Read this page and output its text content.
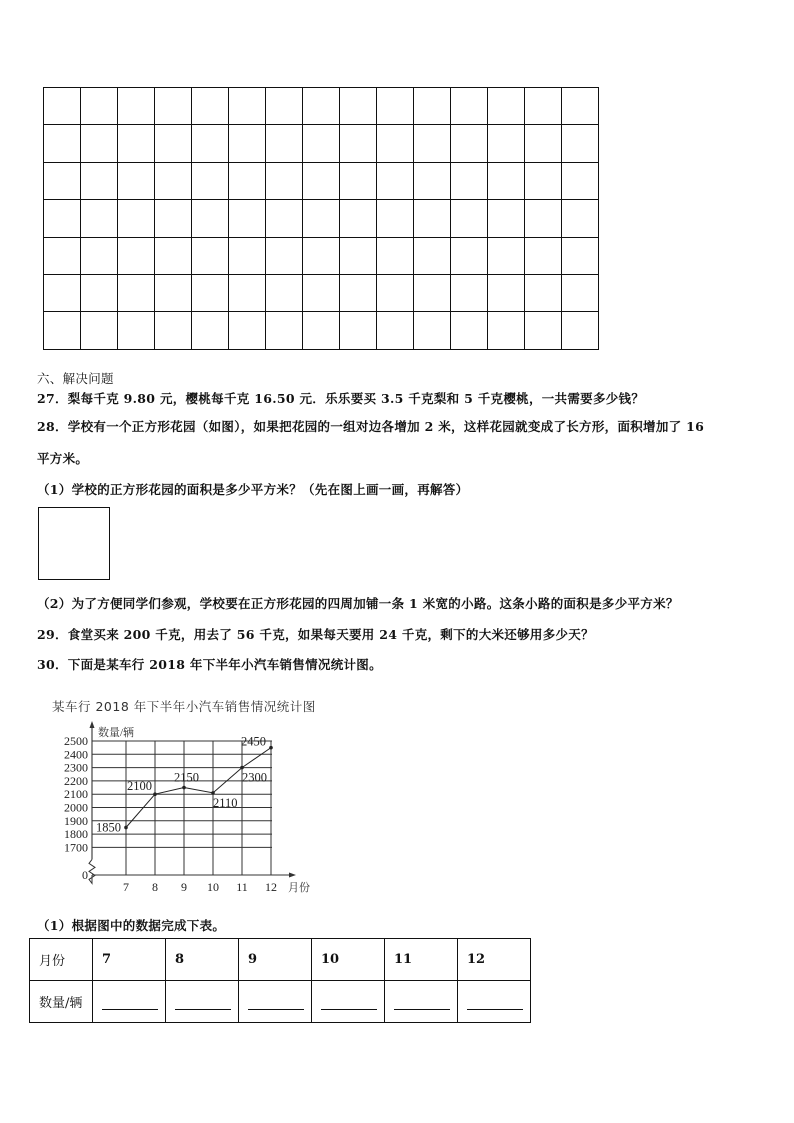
六、解决问题
27．梨每千克 9.80 元，樱桃每千克 16.50 元．乐乐要买 3.5 千克梨和 5 千克樱桃，一共需要多少钱？
28．学校有一个正方形花园（如图），如果把花园的一组对边各增加 2 米，这样花园就变成了长方形，面积增加了 16
平方米。
（1）学校的正方形花园的面积是多少平方米？（先在图上画一画，再解答）
（2）为了方便同学们参观，学校要在正方形花园的四周加铺一条 1 米宽的小路。这条小路的面积是多少平方米？
29．食堂买来 200 千克，用去了 56 千克，如果每天要用 24 千克，剩下的大米还够用多少天？
30．下面是某车行 2018 年下半年小汽车销售情况统计图。
某车行 2018 年下半年小汽车销售情况统计图
2500
2400
2300
2200
2100
2000
1900
1800
1700
7 8 9 10 11 12
0
数量/辆
月份
1850
2100
2150
2110
2300
2450
（1）根据图中的数据完成下表。
月份	7	8	9	10	11	12
数量/辆						
